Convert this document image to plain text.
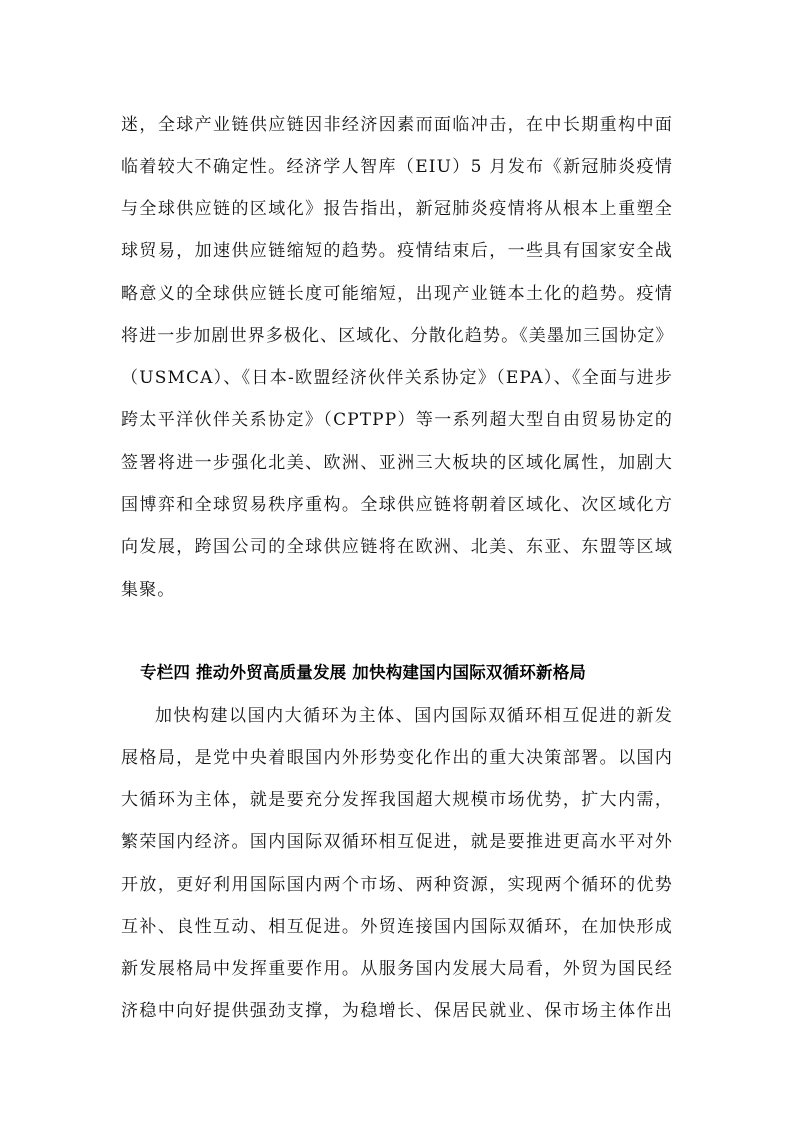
迷，全球产业链供应链因非经济因素而面临冲击，在中长期重构中面
临着较大不确定性。经济学人智库（EIU）5 月发布《新冠肺炎疫情
与全球供应链的区域化》报告指出，新冠肺炎疫情将从根本上重塑全
球贸易，加速供应链缩短的趋势。疫情结束后，一些具有国家安全战
略意义的全球供应链长度可能缩短，出现产业链本土化的趋势。疫情
将进一步加剧世界多极化、区域化、分散化趋势。《美墨加三国协定》
（USMCA）、《日本-欧盟经济伙伴关系协定》（EPA）、《全面与进步
跨太平洋伙伴关系协定》（CPTPP）等一系列超大型自由贸易协定的
签署将进一步强化北美、欧洲、亚洲三大板块的区域化属性，加剧大
国博弈和全球贸易秩序重构。全球供应链将朝着区域化、次区域化方
向发展，跨国公司的全球供应链将在欧洲、北美、东亚、东盟等区域
集聚。
专栏四 推动外贸高质量发展 加快构建国内国际双循环新格局
加快构建以国内大循环为主体、国内国际双循环相互促进的新发
展格局，是党中央着眼国内外形势变化作出的重大决策部署。以国内
大循环为主体，就是要充分发挥我国超大规模市场优势，扩大内需，
繁荣国内经济。国内国际双循环相互促进，就是要推进更高水平对外
开放，更好利用国际国内两个市场、两种资源，实现两个循环的优势
互补、良性互动、相互促进。外贸连接国内国际双循环，在加快形成
新发展格局中发挥重要作用。从服务国内发展大局看，外贸为国民经
济稳中向好提供强劲支撑，为稳增长、保居民就业、保市场主体作出
